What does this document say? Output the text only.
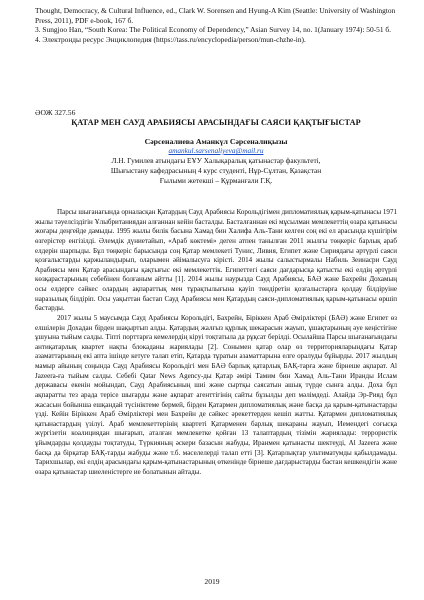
Thought, Democracy, & Cultural Influence, ed., Clark W. Sorensen and Hyung-A Kim (Seattle: University of Washington Press, 2011), PDF e-book, 167 б.

3. Sungjoo Han, “South Korea: The Political Economy of Dependency,” Asian Survey 14, no. 1(January 1974): 50-51 б.

4. Электронды ресурс Энциклопедия (https://tass.ru/encyclopedia/person/mun-chzhe-in).

ӘОЖ 327.56
ҚАТАР МЕН САУД АРАБИЯСЫ АРАСЫНДАҒЫ САЯСИ ҚАҚТЫҒЫСТАР
Сәрсеналиева Аманкүл Сәрсеналиқызы

amankul.sarsenaliyeva@mail.ru

Л.Н. Гумилев атындағы ЕҰУ Халықаралық қатынастар факультеті,

Шығыстану кафедрасының 4 курс студенті, Нұр-Сұлтан, Қазақстан

Ғылыми жетекші – Құрманғали Г.Қ.

Парсы шығанағында орналасқан Қатардың Сауд Арабиясы Корольдігімен дипломатиялық қарым-қатынасы 1971 жылы тәуелсіздігін Ұлыбританиядан алғаннан кейін басталды. Басталғаннан екі мұсылман мемлекеттің өзара қатынасы жоғары деңгейде дамыды. 1995 жылы билік басына Хамад бин Халифа Аль-Тани келген соң екі ел арасында күшігірім өзгерістер енгізілді. Әлемдік дүниетайып, «Араб көктемі» деген атпен танылған 2011 жылғы төңкеріс барлық араб елдерін шарпыды. Бұл төңкеріс барысында соң Қатар мемлекеті Тунис, Ливия, Египет және Сириядағы әртүрлі саяси қозғалыстарды қаржыландырып, оларымен әйімалысуға кірісті. 2014 жылы салыстырмалы Набиль Зеинасри Сауд Арабиясы мен Қатар арасындағы қақтығыс екі мемлекеттік. Египеттегі саяси дағдарысқа қатысты екі елдің әртүрлі көзқарастарының себебінен болғаным айтты [1]. 2014 жылы наурызда Сауд Арабиясы, БАӘ және Бахрейн Дохамың осы елдерге сәйкес олардың ақпараттық мен тұрақтылығына қауіп төндіретін қозғалыстарға қолдау білдіруіне наразылық білдіріп. Осы уақыттан бастап Сауд Арабиясы мен Қатардың саяси-дипломатиялық қарым-қатынасы өршіп бастарды.

2017 жылы 5 маусымда Сауд Арабиясы Корольдігі, Бахрейн, Біріккен Араб Әмірліктері (БАӘ) және Египет өз елшілерін Дохадан бірден шақыртып алды. Қатардың жалғыз құрлық шекарасын жауып, ұшақтарының әуе кеңістігіне ұшуына тыйым салды. Тіпті порттарға кемелердің кіруі тоқтатыла да рұқсат берілді. Осылайша Парсы шығанағындағы антиқатарлық квартет нақты блокаданы жариялады [2]. Сонымен қатар олар өз территорияларындағы Қатар азаматтарының екі апта ішінде кетуге талап етіп, Қатарда тұратын азаматтарына елге оралуды бұйырды. 2017 жылдың мамыр айының соңында Сауд Арабиясы Корольдігі мен БАӘ барлық қатарлық БАҚ-тарға және бірнеше ақпарат. Al Jazeera-ға тыйым салды. Себебі Qatar News Agency-ды Қатар әмірі Тамим бин Хамад Аль-Тани Иранды Ислам державасы екенін мойындап, Сауд Арабиясының шиі және сыртқы саясатын ашық түрде сынға алды. Доха бұл ақпаратты тез арада терісе шығарды және ақпарат агенттігінің сайты бұзылды деп мәлімдеді. Алайда Эр-Рияд бұл жасасын бойынша ешқандай түсініктеме бермей, бірден Қатармен дипломатиялық және басқа да қарым-қатынастарды үзді. Кейін Біріккен Араб Әмірліктері мен Бахрейн де сәйкес әрекеттерден кешіп жатты. Қатармен дипломатиялық қатынастардың үзілуі. Араб мемлекеттерінің квартеті Қатарменен барлық шекараны жауып, Иемендегі соғысқа жүргізетін коалициядан шығарып, аталған мемлекетке қойған 13 талаптардың тізімін жариялады: террористік ұйымдарды қолдауды тоқтатуды, Түркияның әскери базасын жабуды, Иранмен қатынасты шектеуді, Al Jazeera және басқа да бірқатар БАҚ-тарды жабуды және т.б. мәселелерді талап етті [3]. Қатарлықтар ультиматумды қабылдамады. Тарихшылар, екі елдің арасындағы қарым-қатынастарының өткенінде бірнеше дағдарыстарды бастан кешкендігін және өзара қатынастар шиеленістерге ие болатынын айтады.

2019
